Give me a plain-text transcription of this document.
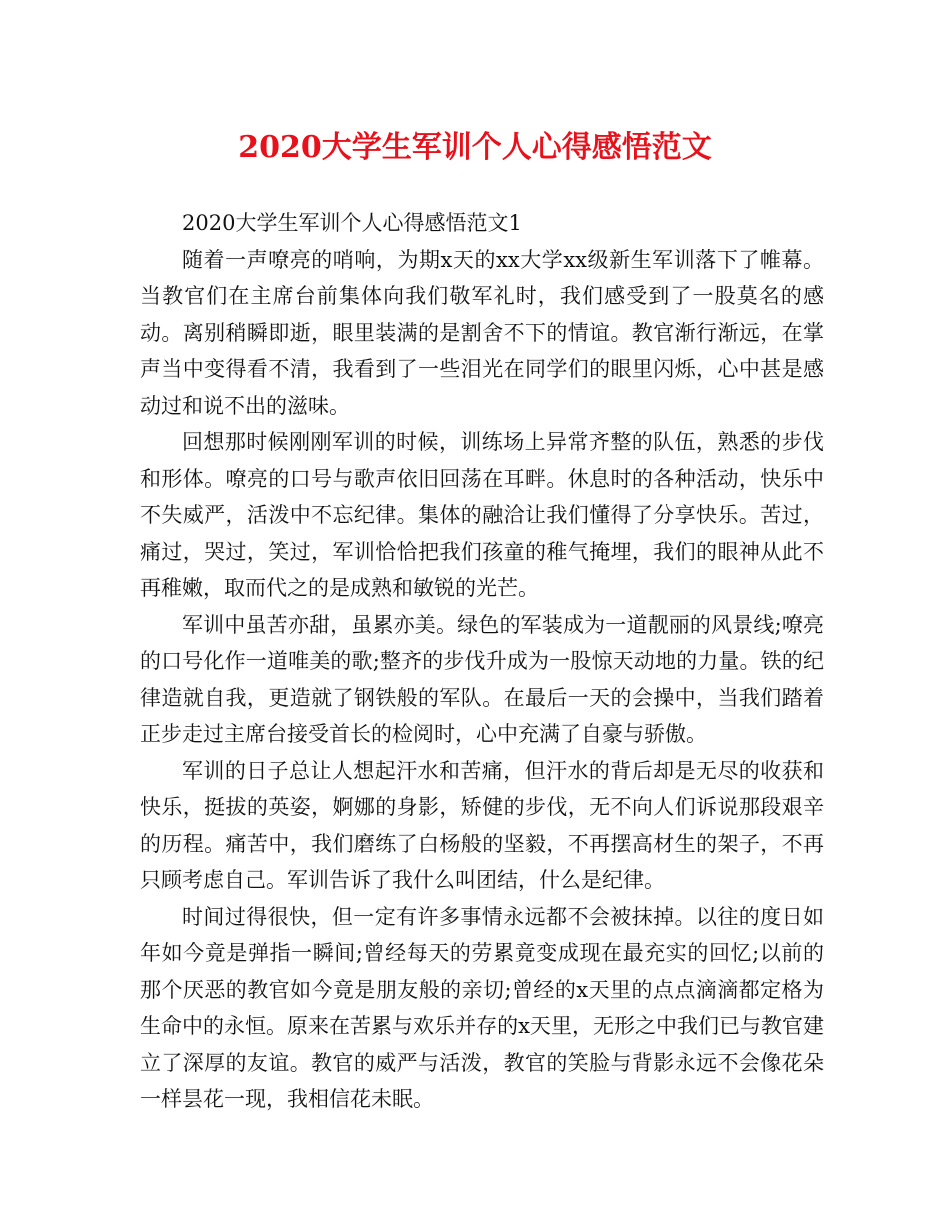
2020大学生军训个人心得感悟范文

2020大学生军训个人心得感悟范文1

随着一声嘹亮的哨响，为期x天的xx大学xx级新生军训落下了帷幕。当教官们在主席台前集体向我们敬军礼时，我们感受到了一股莫名的感动。离别稍瞬即逝，眼里装满的是割舍不下的情谊。教官渐行渐远，在掌声当中变得看不清，我看到了一些泪光在同学们的眼里闪烁，心中甚是感动过和说不出的滋味。

回想那时候刚刚军训的时候，训练场上异常齐整的队伍，熟悉的步伐和形体。嘹亮的口号与歌声依旧回荡在耳畔。休息时的各种活动，快乐中不失威严，活泼中不忘纪律。集体的融洽让我们懂得了分享快乐。苦过，痛过，哭过，笑过，军训恰恰把我们孩童的稚气掩埋，我们的眼神从此不再稚嫩，取而代之的是成熟和敏锐的光芒。

军训中虽苦亦甜，虽累亦美。绿色的军装成为一道靓丽的风景线;嘹亮的口号化作一道唯美的歌;整齐的步伐升成为一股惊天动地的力量。铁的纪律造就自我，更造就了钢铁般的军队。在最后一天的会操中，当我们踏着正步走过主席台接受首长的检阅时，心中充满了自豪与骄傲。

军训的日子总让人想起汗水和苦痛，但汗水的背后却是无尽的收获和快乐，挺拔的英姿，婀娜的身影，矫健的步伐，无不向人们诉说那段艰辛的历程。痛苦中，我们磨练了白杨般的坚毅，不再摆高材生的架子，不再只顾考虑自己。军训告诉了我什么叫团结，什么是纪律。

时间过得很快，但一定有许多事情永远都不会被抹掉。以往的度日如年如今竟是弹指一瞬间;曾经每天的劳累竟变成现在最充实的回忆;以前的那个厌恶的教官如今竟是朋友般的亲切;曾经的x天里的点点滴滴都定格为生命中的永恒。原来在苦累与欢乐并存的x天里，无形之中我们已与教官建立了深厚的友谊。教官的威严与活泼，教官的笑脸与背影永远不会像花朵一样昙花一现，我相信花未眠。
